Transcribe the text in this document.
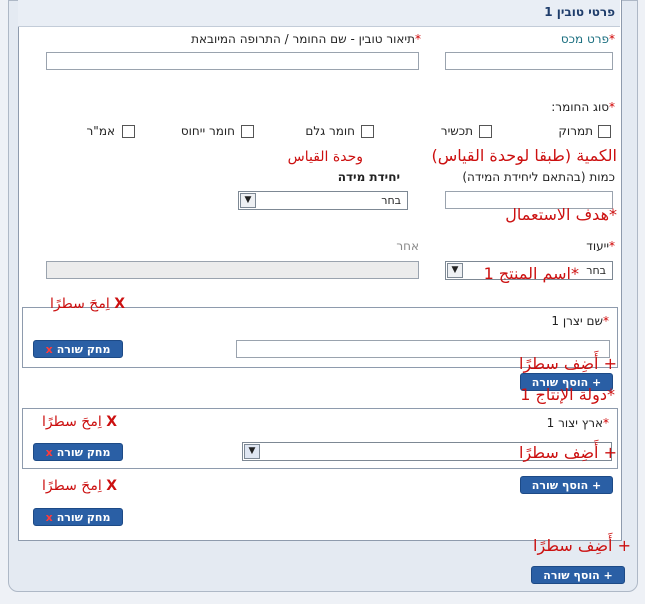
פרטי טובין 1
*פרט מכס
*תיאור טובין - שם החומר / התרופה המיובאת
*סוג החומר:
תמרוק
תכשיר
חומר גלם
חומר ייחוס
אמ"ר
الكمية (طبقا لوحدة القياس)
وحدة القياس
כמות (בהתאם ליחידת המידה)
יחידת מידה
בחר
▼
*هدف الاستعمال
*ייעוד
אחר
בחר
▼	*اسم المنتج 1
X اِمحَ سطرًا
*שם יצרן 1
מחק שורה
x
+ أَضِف سطرًا
+ הוסף שורה
*دولة الإنتاج 1
X اِمحَ سطرًا	*ארץ יצור 1
▼
מחק שורה
x	+ أَضِف سطرًا
+ הוסף שורה
X اِمحَ سطرًا
מחק שורה
x
+ أَضِف سطرًا
+ הוסף שורה
